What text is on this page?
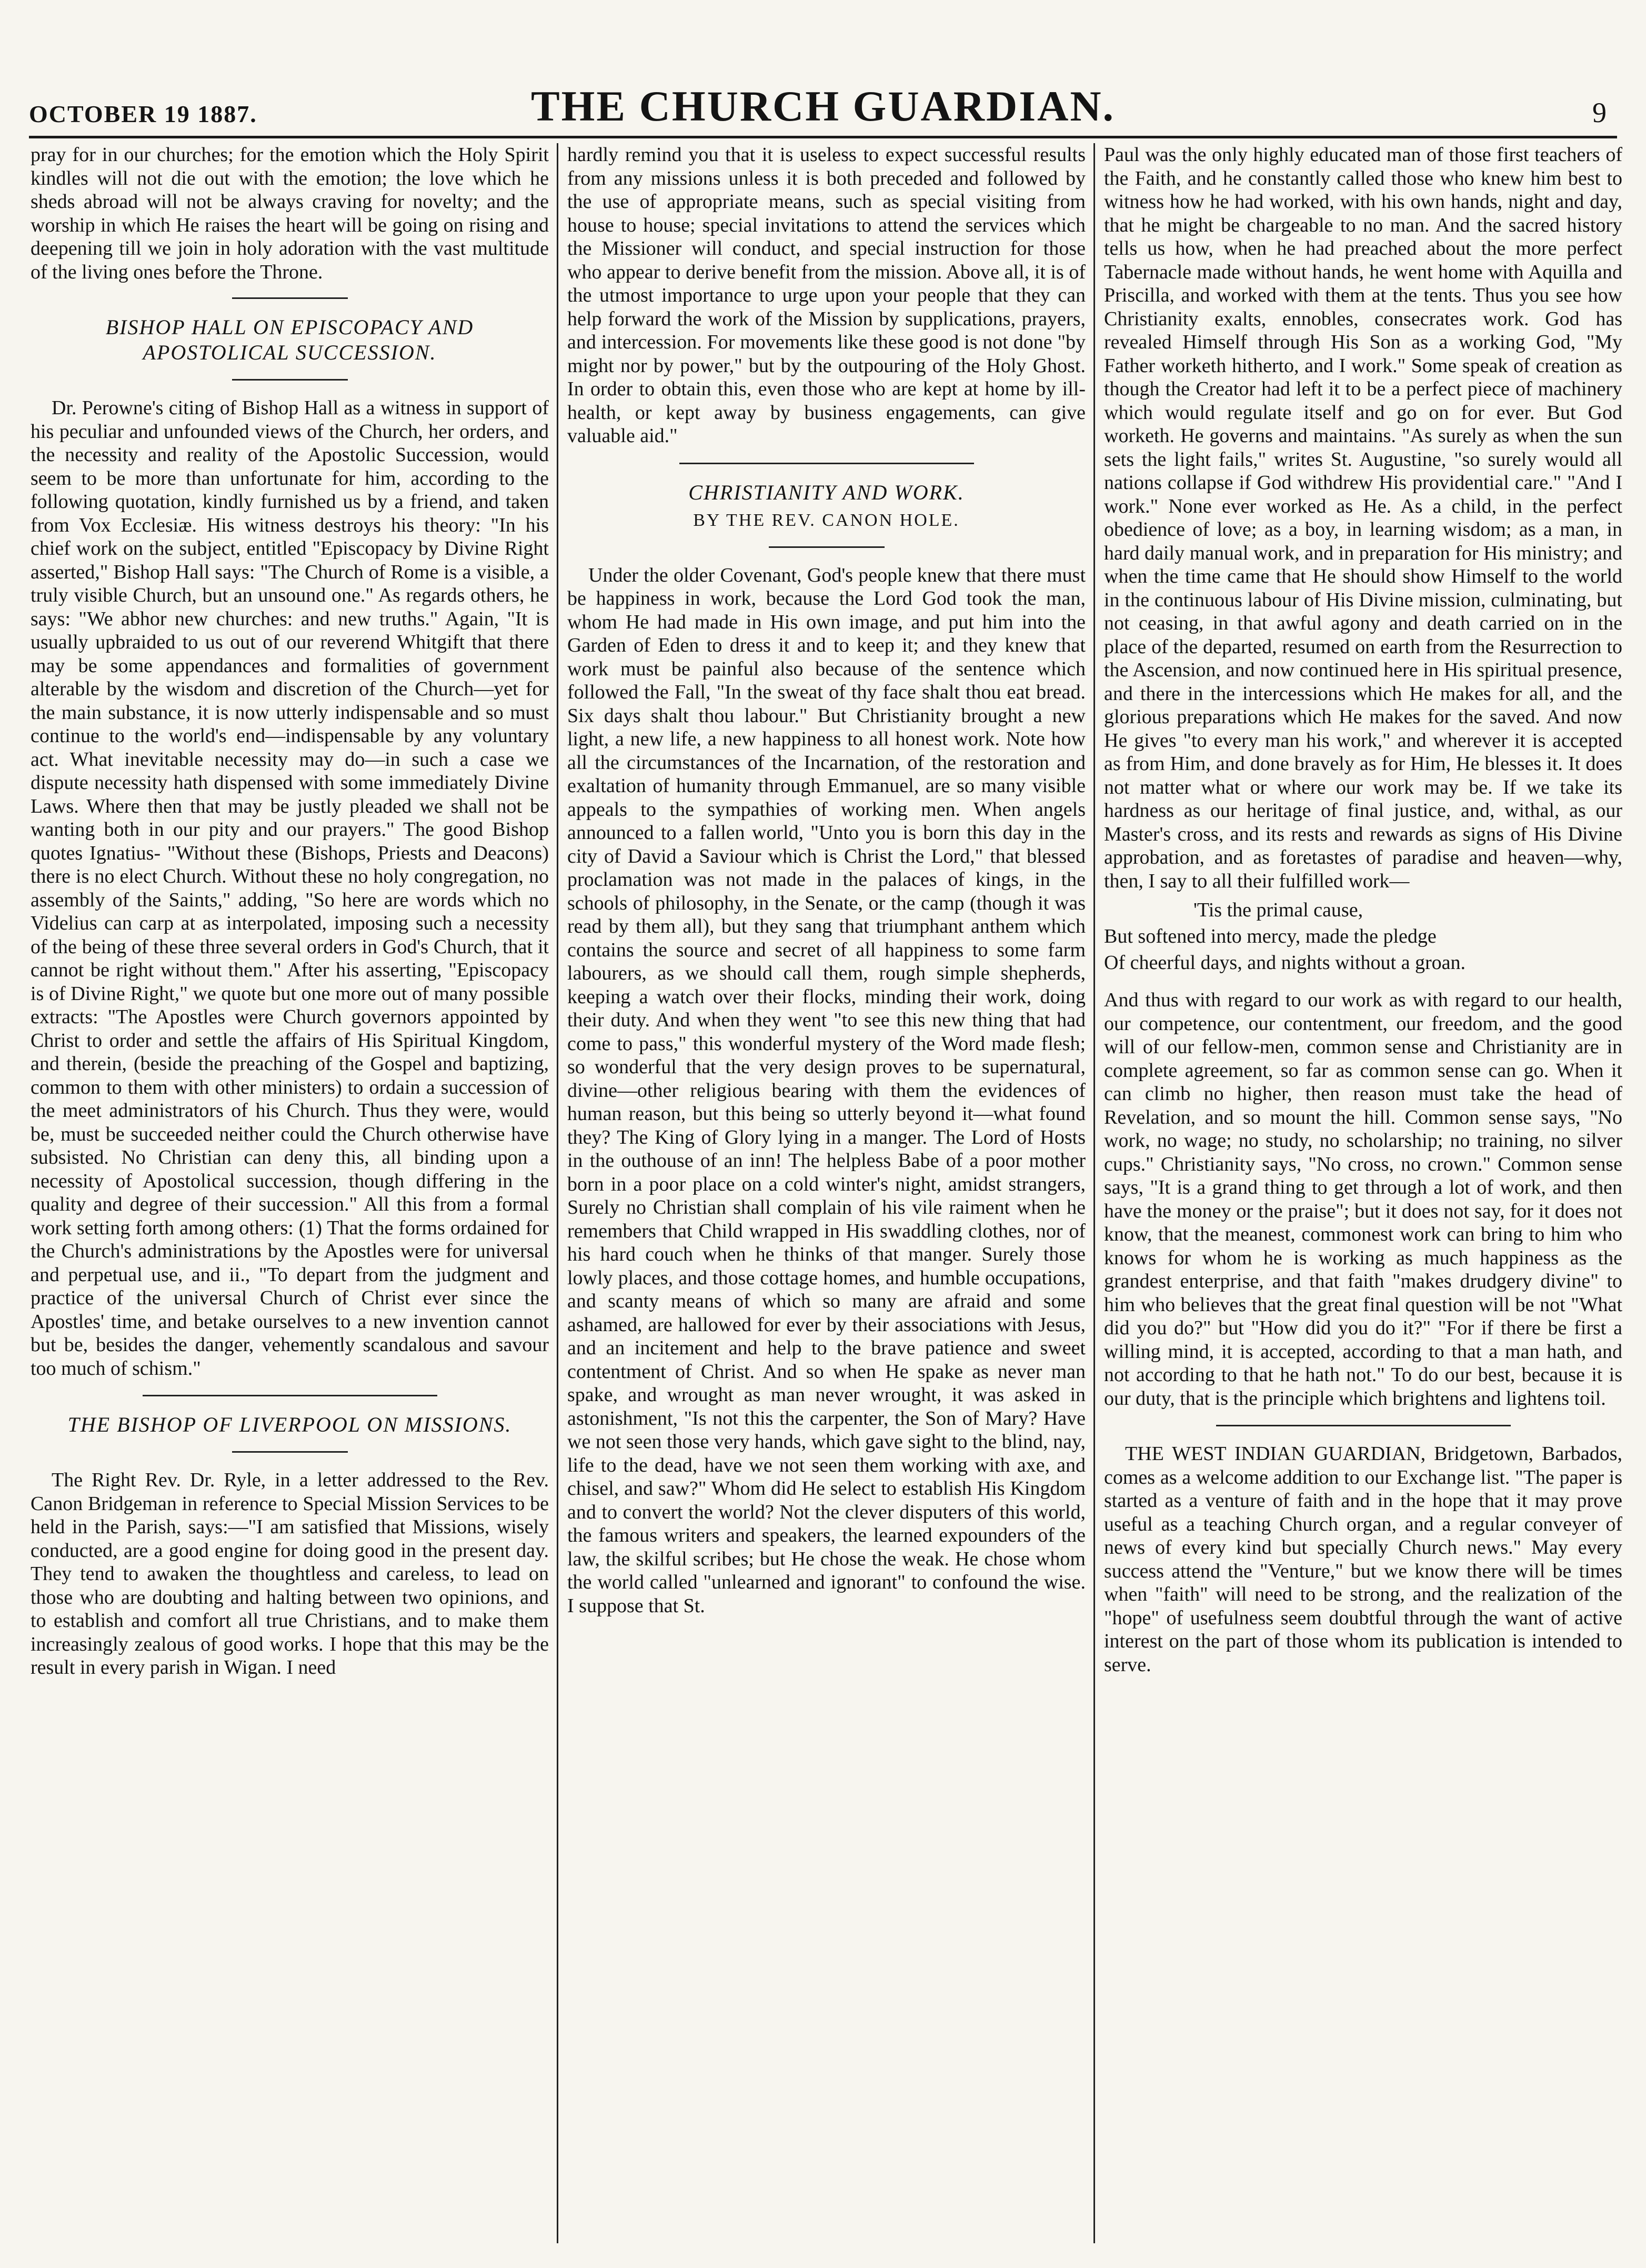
OCTOBER 19 1887.	THE CHURCH GUARDIAN.	9

pray for in our churches; for the emotion which the Holy Spirit kindles will not die out with the emotion; the love which he sheds abroad will not be always craving for novelty; and the worship in which He raises the heart will be going on rising and deepening till we join in holy adoration with the vast multitude of the living ones before the Throne.

BISHOP HALL ON EPISCOPACY AND APOSTOLICAL SUCCESSION.

Dr. Perowne's citing of Bishop Hall as a witness in support of his peculiar and unfounded views of the Church, her orders, and the necessity and reality of the Apostolic Succession, would seem to be more than unfortunate for him, according to the following quotation, kindly furnished us by a friend, and taken from Vox Ecclesiæ. His witness destroys his theory: "In his chief work on the subject, entitled "Episcopacy by Divine Right asserted," Bishop Hall says: "The Church of Rome is a visible, a truly visible Church, but an unsound one." As regards others, he says: "We abhor new churches: and new truths." Again, "It is usually upbraided to us out of our reverend Whitgift that there may be some appendances and formalities of government alterable by the wisdom and discretion of the Church—yet for the main substance, it is now utterly indispensable and so must continue to the world's end—indispensable by any voluntary act. What inevitable necessity may do—in such a case we dispute necessity hath dispensed with some immediately Divine Laws. Where then that may be justly pleaded we shall not be wanting both in our pity and our prayers." The good Bishop quotes Ignatius- "Without these (Bishops, Priests and Deacons) there is no elect Church. Without these no holy congregation, no assembly of the Saints," adding, "So here are words which no Videlius can carp at as interpolated, imposing such a necessity of the being of these three several orders in God's Church, that it cannot be right without them." After his asserting, "Episcopacy is of Divine Right," we quote but one more out of many possible extracts: "The Apostles were Church governors appointed by Christ to order and settle the affairs of His Spiritual Kingdom, and therein, (beside the preaching of the Gospel and baptizing, common to them with other ministers) to ordain a succession of the meet administrators of his Church. Thus they were, would be, must be succeeded neither could the Church otherwise have subsisted. No Christian can deny this, all binding upon a necessity of Apostolical succession, though differing in the quality and degree of their succession." All this from a formal work setting forth among others: (1) That the forms ordained for the Church's administrations by the Apostles were for universal and perpetual use, and ii., "To depart from the judgment and practice of the universal Church of Christ ever since the Apostles' time, and betake ourselves to a new invention cannot but be, besides the danger, vehemently scandalous and savour too much of schism."

THE BISHOP OF LIVERPOOL ON MISSIONS.

The Right Rev. Dr. Ryle, in a letter addressed to the Rev. Canon Bridgeman in reference to Special Mission Services to be held in the Parish, says:—"I am satisfied that Missions, wisely conducted, are a good engine for doing good in the present day. They tend to awaken the thoughtless and careless, to lead on those who are doubting and halting between two opinions, and to establish and comfort all true Christians, and to make them increasingly zealous of good works. I hope that this may be the result in every parish in Wigan. I need

hardly remind you that it is useless to expect successful results from any missions unless it is both preceded and followed by the use of appropriate means, such as special visiting from house to house; special invitations to attend the services which the Missioner will conduct, and special instruction for those who appear to derive benefit from the mission. Above all, it is of the utmost importance to urge upon your people that they can help forward the work of the Mission by supplications, prayers, and intercession. For movements like these good is not done "by might nor by power," but by the outpouring of the Holy Ghost. In order to obtain this, even those who are kept at home by ill-health, or kept away by business engagements, can give valuable aid."

CHRISTIANITY AND WORK.
BY THE REV. CANON HOLE.

Under the older Covenant, God's people knew that there must be happiness in work, because the Lord God took the man, whom He had made in His own image, and put him into the Garden of Eden to dress it and to keep it; and they knew that work must be painful also because of the sentence which followed the Fall, "In the sweat of thy face shalt thou eat bread. Six days shalt thou labour." But Christianity brought a new light, a new life, a new happiness to all honest work. Note how all the circumstances of the Incarnation, of the restoration and exaltation of humanity through Emmanuel, are so many visible appeals to the sympathies of working men. When angels announced to a fallen world, "Unto you is born this day in the city of David a Saviour which is Christ the Lord," that blessed proclamation was not made in the palaces of kings, in the schools of philosophy, in the Senate, or the camp (though it was read by them all), but they sang that triumphant anthem which contains the source and secret of all happiness to some farm labourers, as we should call them, rough simple shepherds, keeping a watch over their flocks, minding their work, doing their duty. And when they went "to see this new thing that had come to pass," this wonderful mystery of the Word made flesh; so wonderful that the very design proves to be supernatural, divine—other religious bearing with them the evidences of human reason, but this being so utterly beyond it—what found they? The King of Glory lying in a manger. The Lord of Hosts in the outhouse of an inn! The helpless Babe of a poor mother born in a poor place on a cold winter's night, amidst strangers, Surely no Christian shall complain of his vile raiment when he remembers that Child wrapped in His swaddling clothes, nor of his hard couch when he thinks of that manger. Surely those lowly places, and those cottage homes, and humble occupations, and scanty means of which so many are afraid and some ashamed, are hallowed for ever by their associations with Jesus, and an incitement and help to the brave patience and sweet contentment of Christ. And so when He spake as never man spake, and wrought as man never wrought, it was asked in astonishment, "Is not this the carpenter, the Son of Mary? Have we not seen those very hands, which gave sight to the blind, nay, life to the dead, have we not seen them working with axe, and chisel, and saw?" Whom did He select to establish His Kingdom and to convert the world? Not the clever disputers of this world, the famous writers and speakers, the learned expounders of the law, the skilful scribes; but He chose the weak. He chose whom the world called "unlearned and ignorant" to confound the wise. I suppose that St.

Paul was the only highly educated man of those first teachers of the Faith, and he constantly called those who knew him best to witness how he had worked, with his own hands, night and day, that he might be chargeable to no man. And the sacred history tells us how, when he had preached about the more perfect Tabernacle made without hands, he went home with Aquilla and Priscilla, and worked with them at the tents. Thus you see how Christianity exalts, ennobles, consecrates work. God has revealed Himself through His Son as a working God, "My Father worketh hitherto, and I work." Some speak of creation as though the Creator had left it to be a perfect piece of machinery which would regulate itself and go on for ever. But God worketh. He governs and maintains. "As surely as when the sun sets the light fails," writes St. Augustine, "so surely would all nations collapse if God withdrew His providential care." "And I work." None ever worked as He. As a child, in the perfect obedience of love; as a boy, in learning wisdom; as a man, in hard daily manual work, and in preparation for His ministry; and when the time came that He should show Himself to the world in the continuous labour of His Divine mission, culminating, but not ceasing, in that awful agony and death carried on in the place of the departed, resumed on earth from the Resurrection to the Ascension, and now continued here in His spiritual presence, and there in the intercessions which He makes for all, and the glorious preparations which He makes for the saved. And now He gives "to every man his work," and wherever it is accepted as from Him, and done bravely as for Him, He blesses it. It does not matter what or where our work may be. If we take its hardness as our heritage of final justice, and, withal, as our Master's cross, and its rests and rewards as signs of His Divine approbation, and as foretastes of paradise and heaven—why, then, I say to all their fulfilled work—

'Tis the primal cause,
But softened into mercy, made the pledge
Of cheerful days, and nights without a groan.

And thus with regard to our work as with regard to our health, our competence, our contentment, our freedom, and the good will of our fellow-men, common sense and Christianity are in complete agreement, so far as common sense can go. When it can climb no higher, then reason must take the head of Revelation, and so mount the hill. Common sense says, "No work, no wage; no study, no scholarship; no training, no silver cups." Christianity says, "No cross, no crown." Common sense says, "It is a grand thing to get through a lot of work, and then have the money or the praise"; but it does not say, for it does not know, that the meanest, commonest work can bring to him who knows for whom he is working as much happiness as the grandest enterprise, and that faith "makes drudgery divine" to him who believes that the great final question will be not "What did you do?" but "How did you do it?" "For if there be first a willing mind, it is accepted, according to that a man hath, and not according to that he hath not." To do our best, because it is our duty, that is the principle which brightens and lightens toil.

THE WEST INDIAN GUARDIAN, Bridgetown, Barbados, comes as a welcome addition to our Exchange list. "The paper is started as a venture of faith and in the hope that it may prove useful as a teaching Church organ, and a regular conveyer of news of every kind but specially Church news." May every success attend the "Venture," but we know there will be times when "faith" will need to be strong, and the realization of the "hope" of usefulness seem doubtful through the want of active interest on the part of those whom its publication is intended to serve.
